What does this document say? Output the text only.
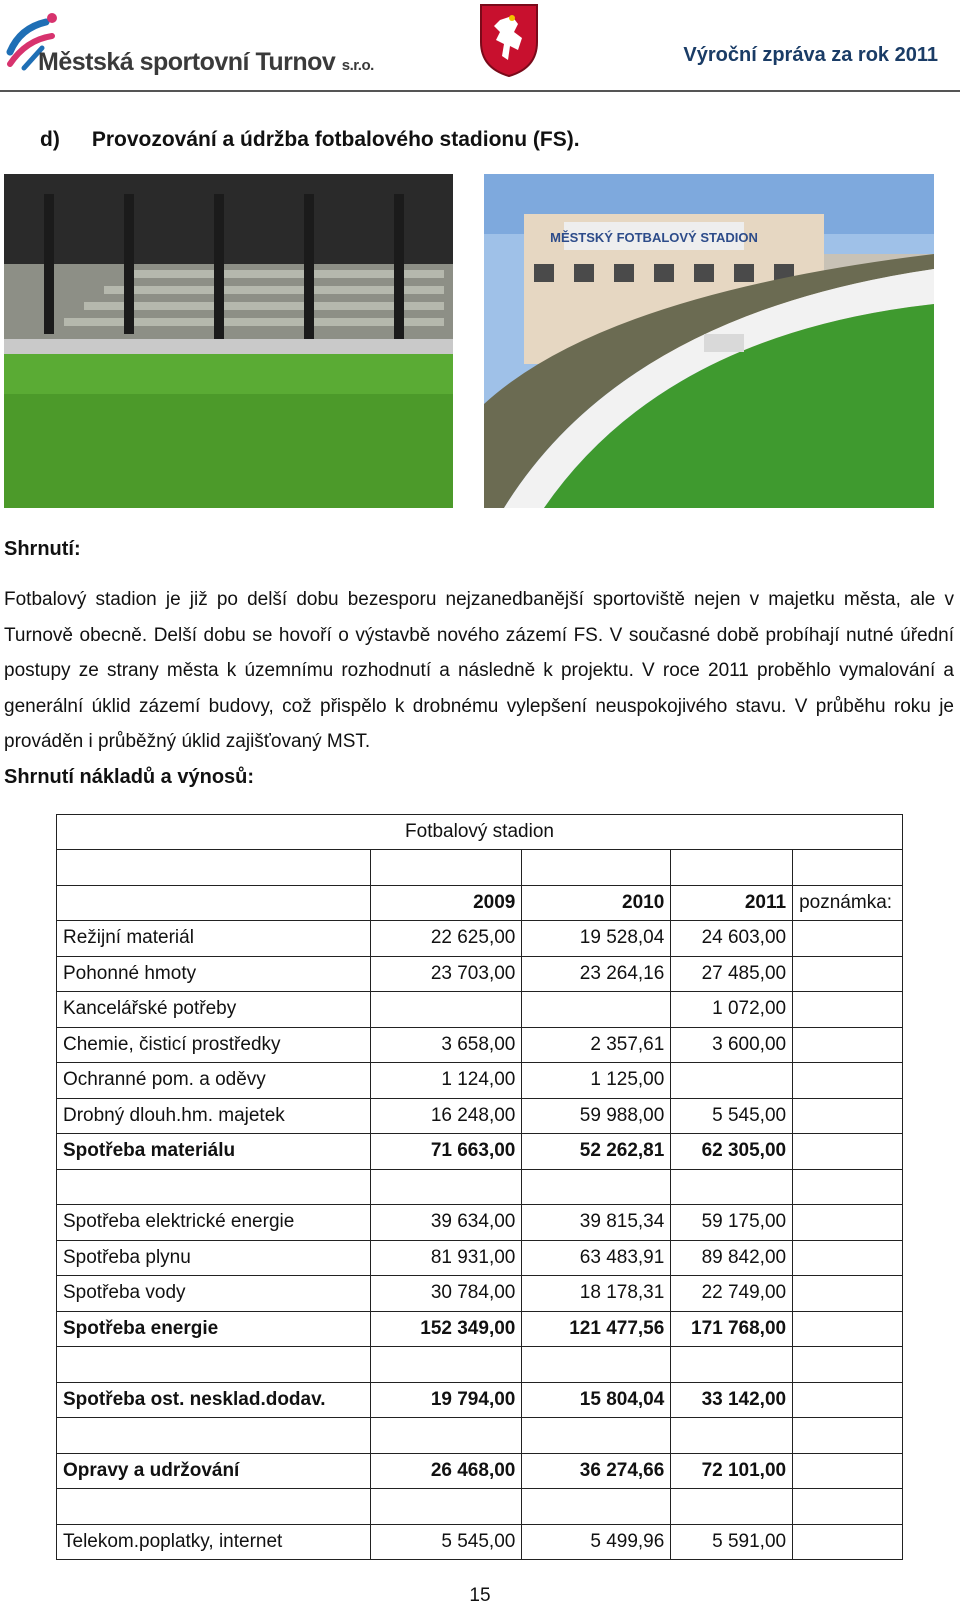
Městská sportovní Turnov s.r.o.	Výroční zpráva za rok 2011
d) Provozování a údržba fotbalového stadionu (FS).
MĚSTSKÝ FOTBALOVÝ STADION
Shrnutí:
Fotbalový stadion je již po delší dobu bezesporu nejzanedbanější sportoviště nejen v majetku města, ale v Turnově obecně. Delší dobu se hovoří o výstavbě nového zázemí FS. V současné době probíhají nutné úřední postupy ze strany města k územnímu rozhodnutí a následně k projektu. V roce 2011 proběhlo vymalování a generální úklid zázemí budovy, což přispělo k drobnému vylepšení neuspokojivého stavu. V průběhu roku je prováděn i průběžný úklid zajišťovaný MST.
Shrnutí nákladů a výnosů:
Fotbalový stadion				

	2009	2010	2011	poznámka:
Režijní materiál	22 625,00	19 528,04	24 603,00	
Pohonné hmoty	23 703,00	23 264,16	27 485,00	
Kancelářské potřeby			1 072,00	
Chemie, čisticí prostředky	3 658,00	2 357,61	3 600,00	
Ochranné pom. a oděvy	1 124,00	1 125,00		
Drobný dlouh.hm. majetek	16 248,00	59 988,00	5 545,00	
Spotřeba materiálu	71 663,00	52 262,81	62 305,00	

Spotřeba elektrické energie	39 634,00	39 815,34	59 175,00	
Spotřeba plynu	81 931,00	63 483,91	89 842,00	
Spotřeba vody	30 784,00	18 178,31	22 749,00	
Spotřeba energie	152 349,00	121 477,56	171 768,00	

Spotřeba ost. nesklad.dodav.	19 794,00	15 804,04	33 142,00	

Opravy a udržování	26 468,00	36 274,66	72 101,00	

Telekom.poplatky, internet	5 545,00	5 499,96	5 591,00	
15
